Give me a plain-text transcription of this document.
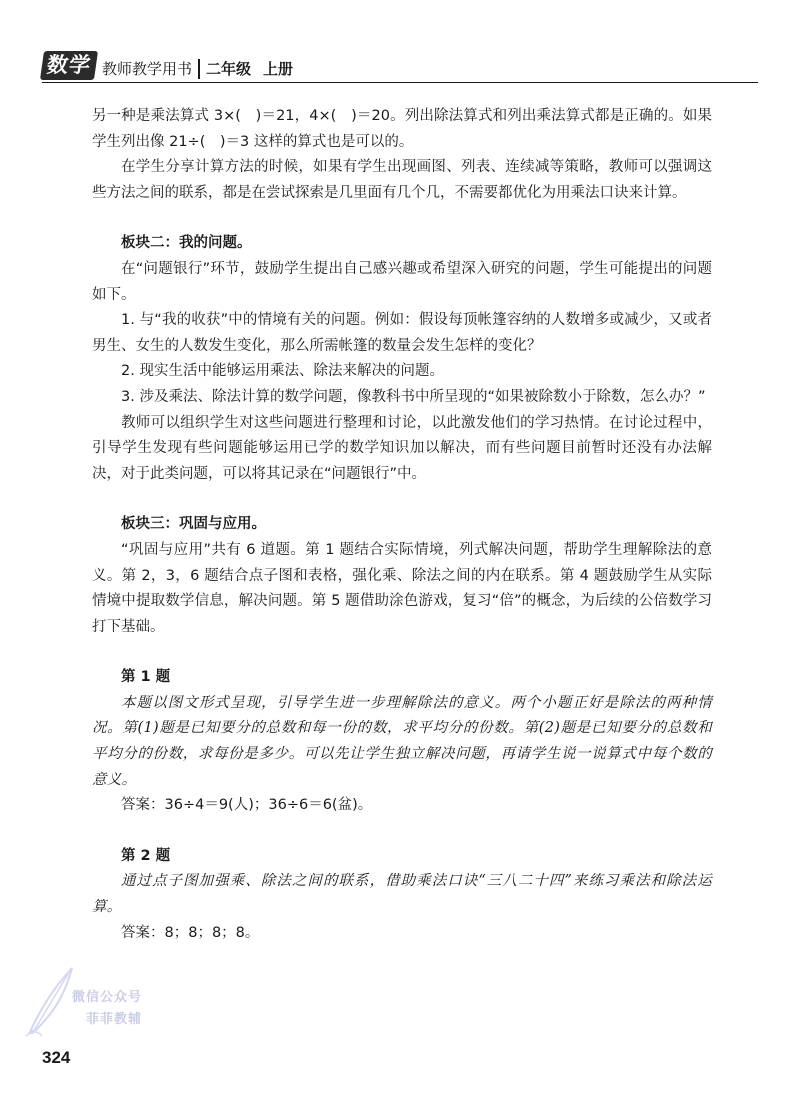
数学 教师教学用书 二年级 上册

另一种是乘法算式 3×(　)＝21，4×(　)＝20。列出除法算式和列出乘法算式都是正确的。如果学生列出像 21÷(　)＝3 这样的算式也是可以的。

在学生分享计算方法的时候，如果有学生出现画图、列表、连续减等策略，教师可以强调这些方法之间的联系，都是在尝试探索是几里面有几个几，不需要都优化为用乘法口诀来计算。

板块二：我的问题。

在“问题银行”环节，鼓励学生提出自己感兴趣或希望深入研究的问题，学生可能提出的问题如下。

1. 与“我的收获”中的情境有关的问题。例如：假设每顶帐篷容纳的人数增多或减少，又或者男生、女生的人数发生变化，那么所需帐篷的数量会发生怎样的变化？

2. 现实生活中能够运用乘法、除法来解决的问题。

3. 涉及乘法、除法计算的数学问题，像教科书中所呈现的“如果被除数小于除数，怎么办？”

教师可以组织学生对这些问题进行整理和讨论，以此激发他们的学习热情。在讨论过程中，引导学生发现有些问题能够运用已学的数学知识加以解决，而有些问题目前暂时还没有办法解决，对于此类问题，可以将其记录在“问题银行”中。

板块三：巩固与应用。

“巩固与应用”共有 6 道题。第 1 题结合实际情境，列式解决问题，帮助学生理解除法的意义。第 2，3，6 题结合点子图和表格，强化乘、除法之间的内在联系。第 4 题鼓励学生从实际情境中提取数学信息，解决问题。第 5 题借助涂色游戏，复习“倍”的概念，为后续的公倍数学习打下基础。

第 1 题

本题以图文形式呈现，引导学生进一步理解除法的意义。两个小题正好是除法的两种情况。第(1)题是已知要分的总数和每一份的数，求平均分的份数。第(2)题是已知要分的总数和平均分的份数，求每份是多少。可以先让学生独立解决问题，再请学生说一说算式中每个数的意义。

答案：36÷4＝9(人)；36÷6＝6(盆)。

第 2 题

通过点子图加强乘、除法之间的联系，借助乘法口诀“三八二十四”来练习乘法和除法运算。

答案：8；8；8；8。

微信公众号
菲菲教辅
324
